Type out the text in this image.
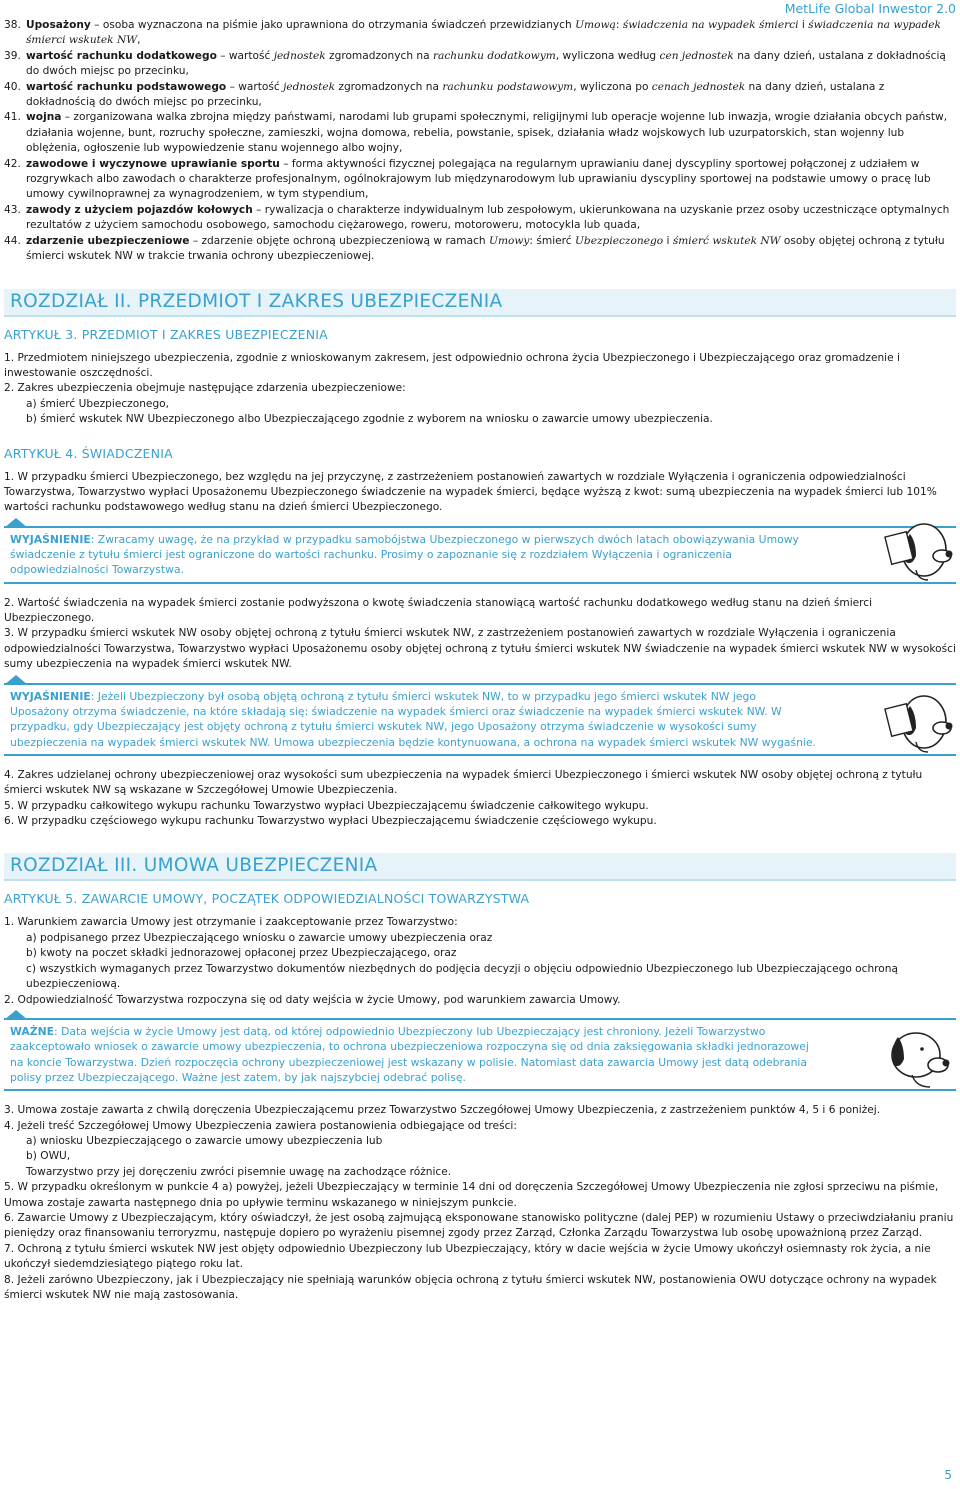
MetLife Global Inwestor 2.0
38. Uposażony – osoba wyznaczona na piśmie jako uprawniona do otrzymania świadczeń przewidzianych Umową: świadczenia na wypadek śmierci i świadczenia na wypadek śmierci wskutek NW,
39. wartość rachunku dodatkowego – wartość jednostek zgromadzonych na rachunku dodatkowym, wyliczona według cen jednostek na dany dzień, ustalana z dokładnością do dwóch miejsc po przecinku,
40. wartość rachunku podstawowego – wartość jednostek zgromadzonych na rachunku podstawowym, wyliczona po cenach jednostek na dany dzień, ustalana z dokładnością do dwóch miejsc po przecinku,
41. wojna – zorganizowana walka zbrojna między państwami, narodami lub grupami społecznymi, religijnymi lub operacje wojenne lub inwazja, wrogie działania obcych państw, działania wojenne, bunt, rozruchy społeczne, zamieszki, wojna domowa, rebelia, powstanie, spisek, działania władz wojskowych lub uzurpatorskich, stan wojenny lub oblężenia, ogłoszenie lub wypowiedzenie stanu wojennego albo wojny,
42. zawodowe i wyczynowe uprawianie sportu – forma aktywności fizycznej polegająca na regularnym uprawianiu danej dyscypliny sportowej połączonej z udziałem w rozgrywkach albo zawodach o charakterze profesjonalnym, ogólnokrajowym lub międzynarodowym lub uprawianiu dyscypliny sportowej na podstawie umowy o pracę lub umowy cywilnoprawnej za wynagrodzeniem, w tym stypendium,
43. zawody z użyciem pojazdów kołowych – rywalizacja o charakterze indywidualnym lub zespołowym, ukierunkowana na uzyskanie przez osoby uczestniczące optymalnych rezultatów z użyciem samochodu osobowego, samochodu ciężarowego, roweru, motoroweru, motocykla lub quada,
44. zdarzenie ubezpieczeniowe – zdarzenie objęte ochroną ubezpieczeniową w ramach Umowy: śmierć Ubezpieczonego i śmierć wskutek NW osoby objętej ochroną z tytułu śmierci wskutek NW w trakcie trwania ochrony ubezpieczeniowej.
ROZDZIAŁ II. PRZEDMIOT I ZAKRES UBEZPIECZENIA
ARTYKUŁ 3. PRZEDMIOT I ZAKRES UBEZPIECZENIA
1. Przedmiotem niniejszego ubezpieczenia, zgodnie z wnioskowanym zakresem, jest odpowiednio ochrona życia Ubezpieczonego i Ubezpieczającego oraz gromadzenie i inwestowanie oszczędności.
2. Zakres ubezpieczenia obejmuje następujące zdarzenia ubezpieczeniowe:
a) śmierć Ubezpieczonego,
b) śmierć wskutek NW Ubezpieczonego albo Ubezpieczającego zgodnie z wyborem na wniosku o zawarcie umowy ubezpieczenia.
ARTYKUŁ 4. ŚWIADCZENIA
1. W przypadku śmierci Ubezpieczonego, bez względu na jej przyczynę, z zastrzeżeniem postanowień zawartych w rozdziale Wyłączenia i ograniczenia odpowiedzialności Towarzystwa, Towarzystwo wypłaci Uposażonemu Ubezpieczonego świadczenie na wypadek śmierci, będące wyższą z kwot: sumą ubezpieczenia na wypadek śmierci lub 101% wartości rachunku podstawowego według stanu na dzień śmierci Ubezpieczonego.
WYJAŚNIENIE: Zwracamy uwagę, że na przykład w przypadku samobójstwa Ubezpieczonego w pierwszych dwóch latach obowiązywania Umowy świadczenie z tytułu śmierci jest ograniczone do wartości rachunku. Prosimy o zapoznanie się z rozdziałem Wyłączenia i ograniczenia odpowiedzialności Towarzystwa.
2. Wartość świadczenia na wypadek śmierci zostanie podwyższona o kwotę świadczenia stanowiącą wartość rachunku dodatkowego według stanu na dzień śmierci Ubezpieczonego.
3. W przypadku śmierci wskutek NW osoby objętej ochroną z tytułu śmierci wskutek NW, z zastrzeżeniem postanowień zawartych w rozdziale Wyłączenia i ograniczenia odpowiedzialności Towarzystwa, Towarzystwo wypłaci Uposażonemu osoby objętej ochroną z tytułu śmierci wskutek NW świadczenie na wypadek śmierci wskutek NW w wysokości sumy ubezpieczenia na wypadek śmierci wskutek NW.
WYJAŚNIENIE: Jeżeli Ubezpieczony był osobą objętą ochroną z tytułu śmierci wskutek NW, to w przypadku jego śmierci wskutek NW jego Uposażony otrzyma świadczenie, na które składają się: świadczenie na wypadek śmierci oraz świadczenie na wypadek śmierci wskutek NW. W przypadku, gdy Ubezpieczający jest objęty ochroną z tytułu śmierci wskutek NW, jego Uposażony otrzyma świadczenie w wysokości sumy ubezpieczenia na wypadek śmierci wskutek NW. Umowa ubezpieczenia będzie kontynuowana, a ochrona na wypadek śmierci wskutek NW wygaśnie.
4. Zakres udzielanej ochrony ubezpieczeniowej oraz wysokości sum ubezpieczenia na wypadek śmierci Ubezpieczonego i śmierci wskutek NW osoby objętej ochroną z tytułu śmierci wskutek NW są wskazane w Szczegółowej Umowie Ubezpieczenia.
5. W przypadku całkowitego wykupu rachunku Towarzystwo wypłaci Ubezpieczającemu świadczenie całkowitego wykupu.
6. W przypadku częściowego wykupu rachunku Towarzystwo wypłaci Ubezpieczającemu świadczenie częściowego wykupu.
ROZDZIAŁ III. UMOWA UBEZPIECZENIA
ARTYKUŁ 5. ZAWARCIE UMOWY, POCZĄTEK ODPOWIEDZIALNOŚCI TOWARZYSTWA
1. Warunkiem zawarcia Umowy jest otrzymanie i zaakceptowanie przez Towarzystwo:
a) podpisanego przez Ubezpieczającego wniosku o zawarcie umowy ubezpieczenia oraz
b) kwoty na poczet składki jednorazowej opłaconej przez Ubezpieczającego, oraz
c) wszystkich wymaganych przez Towarzystwo dokumentów niezbędnych do podjęcia decyzji o objęciu odpowiednio Ubezpieczonego lub Ubezpieczającego ochroną ubezpieczeniową.
2. Odpowiedzialność Towarzystwa rozpoczyna się od daty wejścia w życie Umowy, pod warunkiem zawarcia Umowy.
WAŻNE: Data wejścia w życie Umowy jest datą, od której odpowiednio Ubezpieczony lub Ubezpieczający jest chroniony. Jeżeli Towarzystwo zaakceptowało wniosek o zawarcie umowy ubezpieczenia, to ochrona ubezpieczeniowa rozpoczyna się od dnia zaksięgowania składki jednorazowej na koncie Towarzystwa. Dzień rozpoczęcia ochrony ubezpieczeniowej jest wskazany w polisie. Natomiast data zawarcia Umowy jest datą odebrania polisy przez Ubezpieczającego. Ważne jest zatem, by jak najszybciej odebrać polisę.
3. Umowa zostaje zawarta z chwilą doręczenia Ubezpieczającemu przez Towarzystwo Szczegółowej Umowy Ubezpieczenia, z zastrzeżeniem punktów 4, 5 i 6 poniżej.
4. Jeżeli treść Szczegółowej Umowy Ubezpieczenia zawiera postanowienia odbiegające od treści:
a) wniosku Ubezpieczającego o zawarcie umowy ubezpieczenia lub
b) OWU,
Towarzystwo przy jej doręczeniu zwróci pisemnie uwagę na zachodzące różnice.
5. W przypadku określonym w punkcie 4 a) powyżej, jeżeli Ubezpieczający w terminie 14 dni od doręczenia Szczegółowej Umowy Ubezpieczenia nie zgłosi sprzeciwu na piśmie, Umowa zostaje zawarta następnego dnia po upływie terminu wskazanego w niniejszym punkcie.
6. Zawarcie Umowy z Ubezpieczającym, który oświadczył, że jest osobą zajmującą eksponowane stanowisko polityczne (dalej PEP) w rozumieniu Ustawy o przeciwdziałaniu praniu pieniędzy oraz finansowaniu terroryzmu, następuje dopiero po wyrażeniu pisemnej zgody przez Zarząd, Członka Zarządu Towarzystwa lub osobę upoważnioną przez Zarząd.
7. Ochroną z tytułu śmierci wskutek NW jest objęty odpowiednio Ubezpieczony lub Ubezpieczający, który w dacie wejścia w życie Umowy ukończył osiemnasty rok życia, a nie ukończył siedemdziesiątego piątego roku lat.
8. Jeżeli zarówno Ubezpieczony, jak i Ubezpieczający nie spełniają warunków objęcia ochroną z tytułu śmierci wskutek NW, postanowienia OWU dotyczące ochrony na wypadek śmierci wskutek NW nie mają zastosowania.
5
